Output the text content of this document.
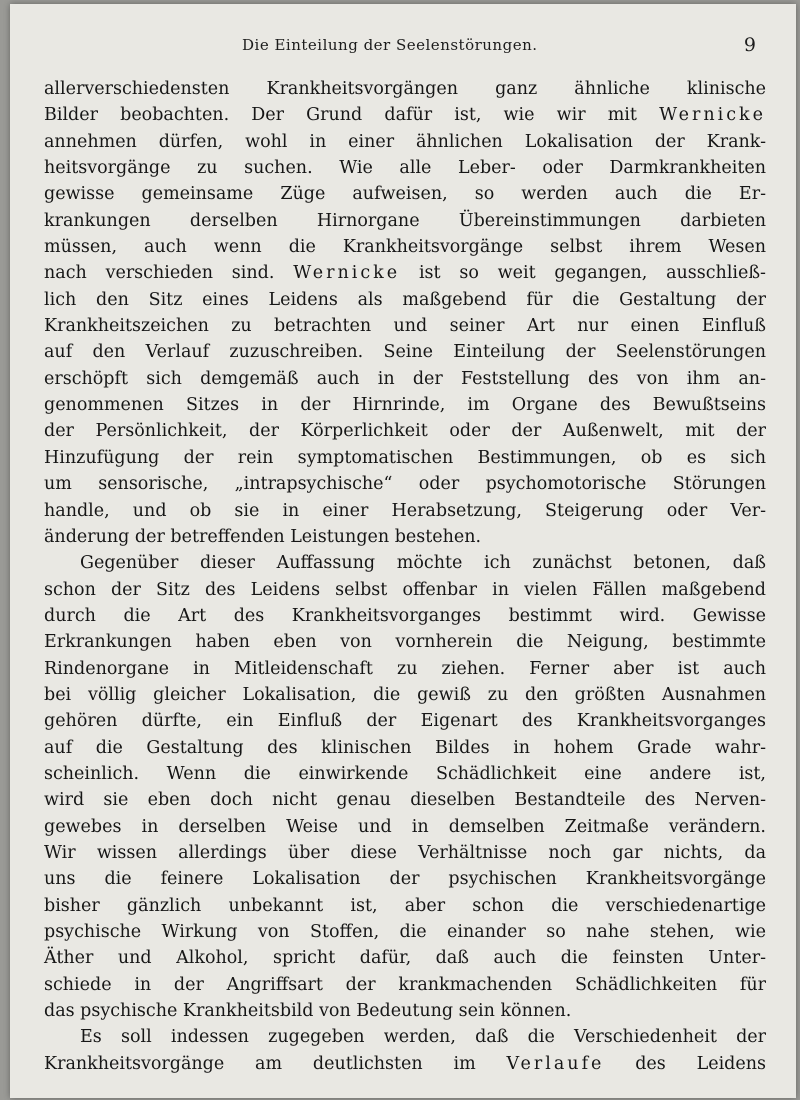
Die Einteilung der Seelenstörungen.	9
allerverschiedensten Krankheitsvorgängen ganz ähnliche klinische
Bilder beobachten. Der Grund dafür ist, wie wir mit Wernicke
annehmen dürfen, wohl in einer ähnlichen Lokalisation der Krank-
heitsvorgänge zu suchen. Wie alle Leber- oder Darmkrankheiten
gewisse gemeinsame Züge aufweisen, so werden auch die Er-
krankungen derselben Hirnorgane Übereinstimmungen darbieten
müssen, auch wenn die Krankheitsvorgänge selbst ihrem Wesen
nach verschieden sind. Wernicke ist so weit gegangen, ausschließ-
lich den Sitz eines Leidens als maßgebend für die Gestaltung der
Krankheitszeichen zu betrachten und seiner Art nur einen Einfluß
auf den Verlauf zuzuschreiben. Seine Einteilung der Seelenstörungen
erschöpft sich demgemäß auch in der Feststellung des von ihm an-
genommenen Sitzes in der Hirnrinde, im Organe des Bewußtseins
der Persönlichkeit, der Körperlichkeit oder der Außenwelt, mit der
Hinzufügung der rein symptomatischen Bestimmungen, ob es sich
um sensorische, „intrapsychische“ oder psychomotorische Störungen
handle, und ob sie in einer Herabsetzung, Steigerung oder Ver-
änderung der betreffenden Leistungen bestehen.
Gegenüber dieser Auffassung möchte ich zunächst betonen, daß
schon der Sitz des Leidens selbst offenbar in vielen Fällen maßgebend
durch die Art des Krankheitsvorganges bestimmt wird. Gewisse
Erkrankungen haben eben von vornherein die Neigung, bestimmte
Rindenorgane in Mitleidenschaft zu ziehen. Ferner aber ist auch
bei völlig gleicher Lokalisation, die gewiß zu den größten Ausnahmen
gehören dürfte, ein Einfluß der Eigenart des Krankheitsvorganges
auf die Gestaltung des klinischen Bildes in hohem Grade wahr-
scheinlich. Wenn die einwirkende Schädlichkeit eine andere ist,
wird sie eben doch nicht genau dieselben Bestandteile des Nerven-
gewebes in derselben Weise und in demselben Zeitmaße verändern.
Wir wissen allerdings über diese Verhältnisse noch gar nichts, da
uns die feinere Lokalisation der psychischen Krankheitsvorgänge
bisher gänzlich unbekannt ist, aber schon die verschiedenartige
psychische Wirkung von Stoffen, die einander so nahe stehen, wie
Äther und Alkohol, spricht dafür, daß auch die feinsten Unter-
schiede in der Angriffsart der krankmachenden Schädlichkeiten für
das psychische Krankheitsbild von Bedeutung sein können.
Es soll indessen zugegeben werden, daß die Verschiedenheit der
Krankheitsvorgänge am deutlichsten im Verlaufe des Leidens
